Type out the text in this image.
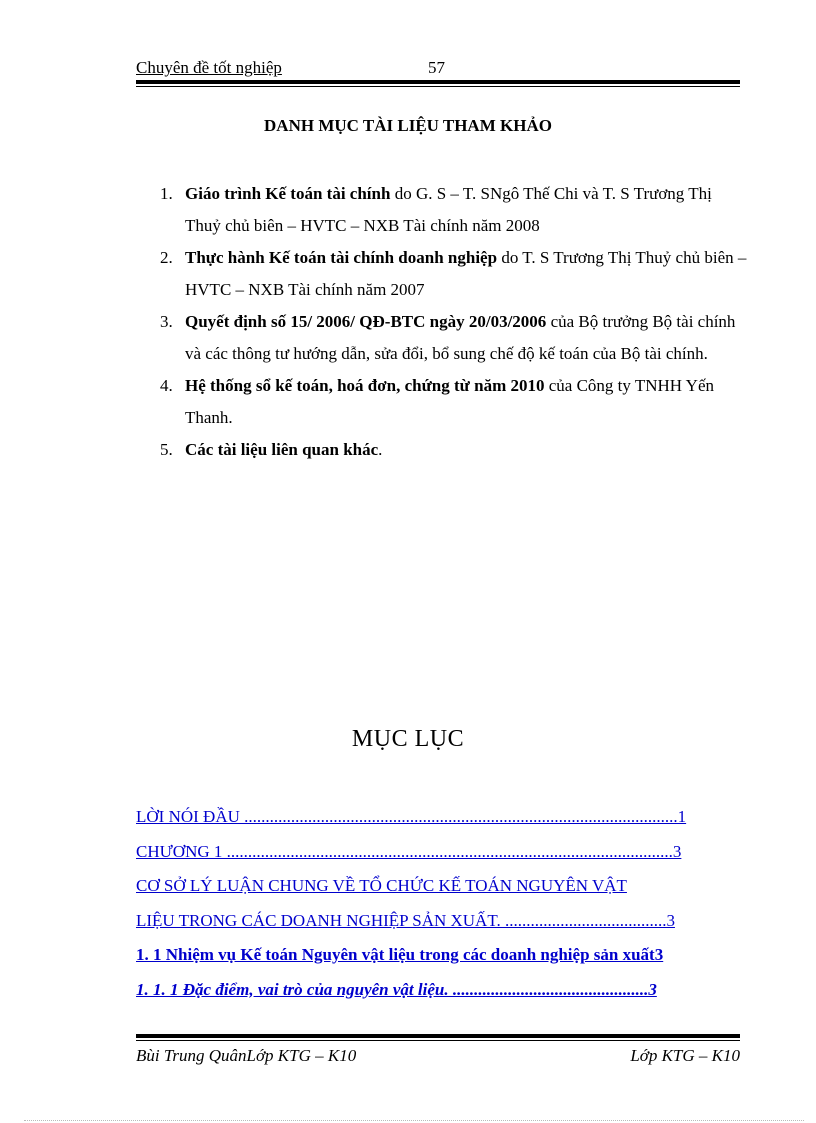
Chuyên đề tốt nghiệp	57
DANH MỤC TÀI LIỆU THAM KHẢO
1. Giáo trình Kế toán tài chính do G. S – T. SNgô Thế Chi và T. S Trương Thị Thuỷ chủ biên – HVTC – NXB Tài chính năm 2008
2. Thực hành Kế toán tài chính doanh nghiệp do T. S Trương Thị Thuỷ chủ biên – HVTC – NXB Tài chính năm 2007
3. Quyết định số 15/ 2006/ QĐ-BTC ngày 20/03/2006 của Bộ trưởng Bộ tài chính và các thông tư hướng dẫn, sửa đổi, bổ sung chế độ kế toán của Bộ tài chính.
4. Hệ thống sổ kế toán, hoá đơn, chứng từ năm 2010 của Công ty TNHH Yến Thanh.
5. Các tài liệu liên quan khác.
MỤC LỤC
LỜI NÓI ĐẦU ......................................................................................................1
CHƯƠNG 1 .........................................................................................................3
CƠ SỞ LÝ LUẬN CHUNG VỀ TỔ CHỨC KẾ TOÁN NGUYÊN VẬT
LIỆU TRONG CÁC DOANH NGHIỆP SẢN XUẤT. ......................................3
1. 1 Nhiệm vụ Kế toán Nguyên vật liệu trong các doanh nghiệp sản xuất3
1. 1. 1 Đặc điểm, vai trò của nguyên vật liệu. ..............................................3
Bùi Trung QuânLớp KTG – K10	Lớp KTG – K10
